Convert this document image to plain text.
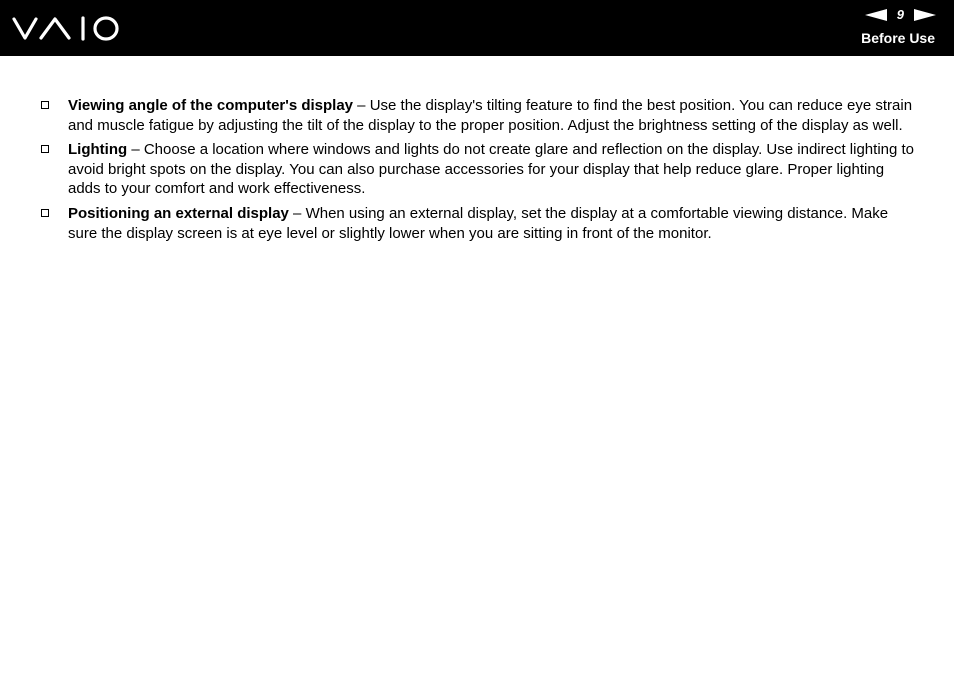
9
Before Use
Viewing angle of the computer's display – Use the display's tilting feature to find the best position. You can reduce eye strain and muscle fatigue by adjusting the tilt of the display to the proper position. Adjust the brightness setting of the display as well.
Lighting – Choose a location where windows and lights do not create glare and reflection on the display. Use indirect lighting to avoid bright spots on the display. You can also purchase accessories for your display that help reduce glare. Proper lighting adds to your comfort and work effectiveness.
Positioning an external display – When using an external display, set the display at a comfortable viewing distance. Make sure the display screen is at eye level or slightly lower when you are sitting in front of the monitor.
